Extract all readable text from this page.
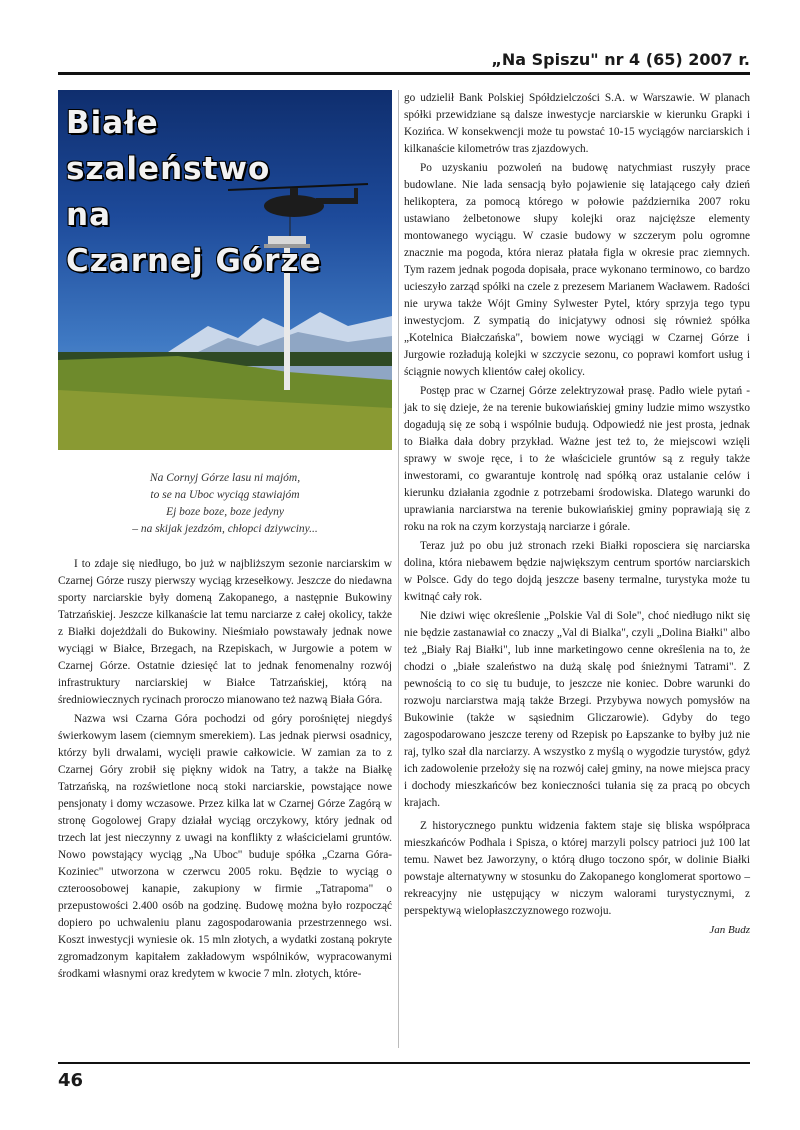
„Na Spiszu" nr 4 (65) 2007 r.
Białe
szaleństwo
na
Czarnej Górze
Na Cornyj Górze lasu ni majóm,
to se na Uboc wyciąg stawiajóm
Ej boze boze, boze jedyny
– na skijak jezdzóm, chłopci dziywciny...

I to zdaje się niedługo, bo już w najbliższym sezonie narciarskim w Czarnej Górze ruszy pierwszy wyciąg krzesełkowy. Jeszcze do niedawna sporty narciarskie były domeną Zakopanego, a następnie Bukowiny Tatrzańskiej. Jeszcze kilkanaście lat temu narciarze z całej okolicy, także z Białki dojeżdżali do Bukowiny. Nieśmiało powstawały jednak nowe wyciągi w Białce, Brzegach, na Rzepiskach, w Jurgowie a potem w Czarnej Górze. Ostatnie dziesięć lat to jednak fenomenalny rozwój infrastruktury narciarskiej w Białce Tatrzańskiej, którą na średniowiecznych rycinach proroczo mianowano też nazwą Biała Góra.

Nazwa wsi Czarna Góra pochodzi od góry porośniętej niegdyś świerkowym lasem (ciemnym smerekiem). Las jednak pierwsi osadnicy, którzy byli drwalami, wycięli prawie całkowicie. W zamian za to z Czarnej Góry zrobił się piękny widok na Tatry, a także na Białkę Tatrzańską, na rozświetlone nocą stoki narciarskie, powstające nowe pensjonaty i domy wczasowe. Przez kilka lat w Czarnej Górze Zagórą w stronę Gogolowej Grapy działał wyciąg orczykowy, który jednak od trzech lat jest nieczynny z uwagi na konflikty z właścicielami gruntów. Nowo powstający wyciąg „Na Uboc" buduje spółka „Czarna Góra-Koziniec" utworzona w czerwcu 2005 roku. Będzie to wyciąg o czteroosobowej kanapie, zakupiony w firmie „Tatrapoma" o przepustowości 2.400 osób na godzinę. Budowę można było rozpocząć dopiero po uchwaleniu planu zagospodarowania przestrzennego wsi. Koszt inwestycji wyniesie ok. 15 mln złotych, a wydatki zostaną pokryte zgromadzonym kapitałem zakładowym wspólników, wypracowanymi środkami własnymi oraz kredytem w kwocie 7 mln. złotych, które-

go udzielił Bank Polskiej Spółdzielczości S.A. w Warszawie. W planach spółki przewidziane są dalsze inwestycje narciarskie w kierunku Grapki i Kozińca. W konsekwencji może tu powstać 10-15 wyciągów narciarskich i kilkanaście kilometrów tras zjazdowych.

Po uzyskaniu pozwoleń na budowę natychmiast ruszyły prace budowlane. Nie lada sensacją było pojawienie się latającego cały dzień helikoptera, za pomocą którego w połowie października 2007 roku ustawiano żelbetonowe słupy kolejki oraz najcięższe elementy montowanego wyciągu. W czasie budowy w szczerym polu ogromne znacznie ma pogoda, która nieraz płatała figla w okresie prac ziemnych. Tym razem jednak pogoda dopisała, prace wykonano terminowo, co bardzo ucieszyło zarząd spółki na czele z prezesem Marianem Wacławem. Radości nie urywa także Wójt Gminy Sylwester Pytel, który sprzyja tego typu inwestycjom. Z sympatią do inicjatywy odnosi się również spółka „Kotelnica Białczańska", bowiem nowe wyciągi w Czarnej Górze i Jurgowie rozładują kolejki w szczycie sezonu, co poprawi komfort usług i ściągnie nowych klientów całej okolicy.

Postęp prac w Czarnej Górze zelektryzował prasę. Padło wiele pytań - jak to się dzieje, że na terenie bukowiańskiej gminy ludzie mimo wszystko dogadują się ze sobą i wspólnie budują. Odpowiedź nie jest prosta, jednak to Białka dała dobry przykład. Ważne jest też to, że miejscowi wzięli sprawy w swoje ręce, i to że właściciele gruntów są z reguły także inwestorami, co gwarantuje kontrolę nad spółką oraz ustalanie celów i kierunku działania zgodnie z potrzebami środowiska. Dlatego warunki do uprawiania narciarstwa na terenie bukowiańskiej gminy poprawiają się z roku na rok na czym korzystają narciarze i górale.

Teraz już po obu już stronach rzeki Białki roposciera się narciarska dolina, która niebawem będzie największym centrum sportów narciarskich w Polsce. Gdy do tego dojdą jeszcze baseny termalne, turystyka może tu kwitnąć cały rok.

Nie dziwi więc określenie „Polskie Val di Sole", choć niedługo nikt się nie będzie zastanawiał co znaczy „Val di Bialka", czyli „Dolina Białki" albo też „Biały Raj Białki", lub inne marketingowo cenne określenia na to, że chodzi o „białe szaleństwo na dużą skalę pod śnieżnymi Tatrami". Z pewnością to co się tu buduje, to jeszcze nie koniec. Dobre warunki do rozwoju narciarstwa mają także Brzegi. Przybywa nowych pomysłów na Bukowinie (także w sąsiednim Gliczarowie). Gdyby do tego zagospodarowano jeszcze tereny od Rzepisk po Łapszanke to byłby już nie raj, tylko szał dla narciarzy. A wszystko z myślą o wygodzie turystów, gdyż ich zadowolenie przełoży się na rozwój całej gminy, na nowe miejsca pracy i dochody mieszkańców bez konieczności tułania się za pracą po obcych krajach.

Z historycznego punktu widzenia faktem staje się bliska współpraca mieszkańców Podhala i Spisza, o której marzyli polscy patrioci już 100 lat temu. Nawet bez Jaworzyny, o którą długo toczono spór, w dolinie Białki powstaje alternatywny w stosunku do Zakopanego konglomerat sportowo – rekreacyjny nie ustępujący w niczym walorami turystycznymi, z perspektywą wielopłaszczyznowego rozwoju.

Jan Budz

46
